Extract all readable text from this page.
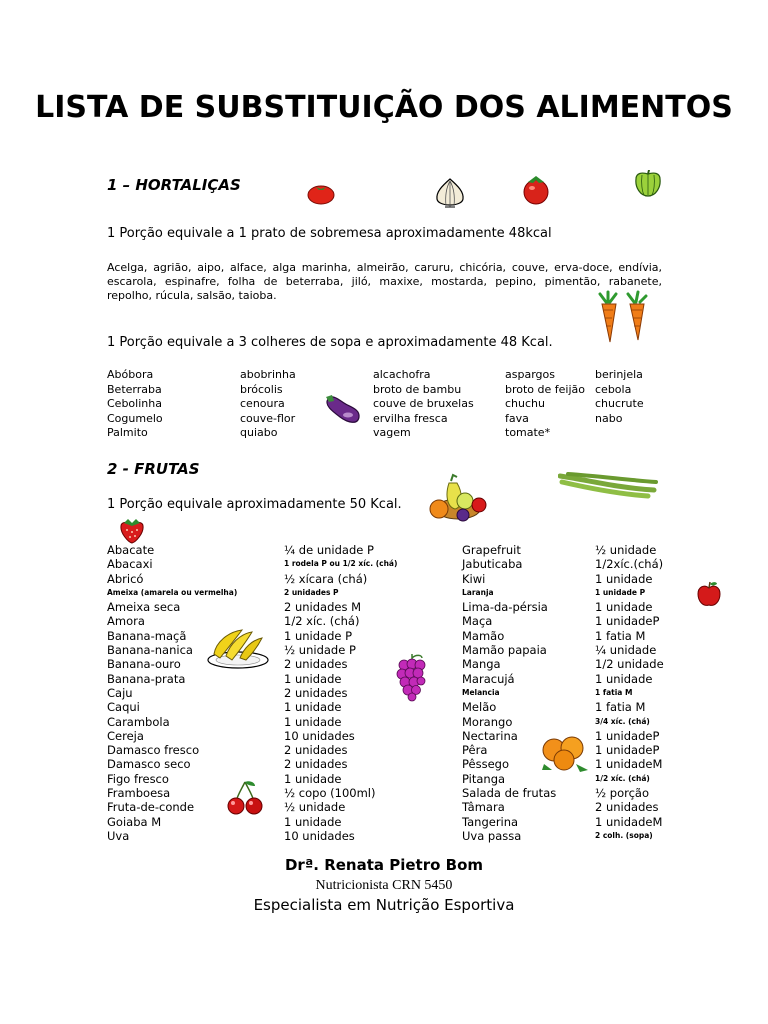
LISTA DE SUBSTITUIÇÃO DOS ALIMENTOS
1 – HORTALIÇAS
1 Porção equivale a 1 prato de sobremesa aproximadamente 48kcal

Acelga, agrião, aipo, alface, alga marinha, almeirão, caruru, chicória, couve, erva-doce, endívia, escarola, espinafre, folha de beterraba, jiló, maxixe, mostarda, pepino, pimentão, rabanete, repolho, rúcula, salsão, taioba.

1 Porção equivale a 3 colheres de sopa e aproximadamente 48 Kcal.
Abóbora
Beterraba
Cebolinha
Cogumelo
Palmito
abobrinha
brócolis
cenoura
couve-flor
quiabo
alcachofra
broto de bambu
couve de bruxelas
ervilha fresca
vagem
aspargos
broto de feijão
chuchu
fava
tomate*
berinjela
cebola
chucrute
nabo
2 - FRUTAS
1 Porção equivale aproximadamente 50 Kcal.
Abacate
Abacaxi
Abricó
Ameixa (amarela ou vermelha)
Ameixa seca
Amora
Banana-maçã
Banana-nanica
Banana-ouro
Banana-prata
Caju
Caqui
Carambola
Cereja
Damasco fresco
Damasco seco
Figo fresco
Framboesa
Fruta-de-conde
Goiaba M
Uva
¼ de unidade P
1 rodela P ou 1/2 xíc. (chá)
½ xícara (chá)
2 unidades P
2 unidades M
1/2 xíc. (chá)
1 unidade P
½ unidade P
2 unidades
1 unidade
2 unidades
1 unidade
1 unidade
10 unidades
2 unidades
2 unidades
1 unidade
½ copo (100ml)
½ unidade
1 unidade
10 unidades
Grapefruit
Jabuticaba
Kiwi
Laranja
Lima-da-pérsia
Maça
Mamão
Mamão papaia
Manga
Maracujá
Melancia
Melão
Morango
Nectarina
Pêra
Pêssego
Pitanga
Salada de frutas
Tâmara
Tangerina
Uva passa
½ unidade
1/2xíc.(chá)
1 unidade
1 unidade P
1 unidade
1 unidadeP
1 fatia M
¼ unidade
1/2 unidade
1 unidade
1 fatia M
1 fatia M
3/4 xíc. (chá)
1 unidadeP
1 unidadeP
1 unidadeM
1/2 xíc. (chá)
½ porção
2 unidades
1 unidadeM
2 colh. (sopa)
Drª. Renata Pietro Bom
Nutricionista CRN 5450
Especialista em Nutrição Esportiva
